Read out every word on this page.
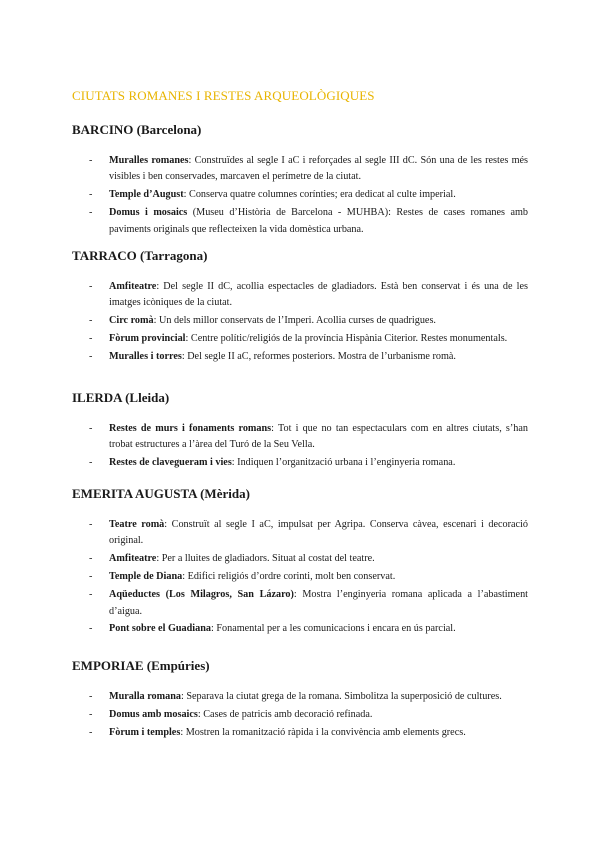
CIUTATS ROMANES I RESTES ARQUEOLÒGIQUES
BARCINO (Barcelona)
- Muralles romanes: Construïdes al segle I aC i reforçades al segle III dC. Són una de les restes més visibles i ben conservades, marcaven el perímetre de la ciutat.
- Temple d’August: Conserva quatre columnes corínties; era dedicat al culte imperial.
- Domus i mosaics (Museu d’Història de Barcelona - MUHBA): Restes de cases romanes amb paviments originals que reflecteixen la vida domèstica urbana.
TARRACO (Tarragona)
- Amfiteatre: Del segle II dC, acollia espectacles de gladiadors. Està ben conservat i és una de les imatges icòniques de la ciutat.
- Circ romà: Un dels millor conservats de l’Imperi. Acollia curses de quadrigues.
- Fòrum provincial: Centre polític/religiós de la província Hispània Citerior. Restes monumentals.
- Muralles i torres: Del segle II aC, reformes posteriors. Mostra de l’urbanisme romà.
ILERDA (Lleida)
- Restes de murs i fonaments romans: Tot i que no tan espectaculars com en altres ciutats, s’han trobat estructures a l’àrea del Turó de la Seu Vella.
- Restes de clavegueram i vies: Indiquen l’organització urbana i l’enginyeria romana.
EMERITA AUGUSTA (Mèrida)
- Teatre romà: Construït al segle I aC, impulsat per Agripa. Conserva càvea, escenari i decoració original.
- Amfiteatre: Per a lluites de gladiadors. Situat al costat del teatre.
- Temple de Diana: Edifici religiós d’ordre corinti, molt ben conservat.
- Aqüeductes (Los Milagros, San Lázaro): Mostra l’enginyeria romana aplicada a l’abastiment d’aigua.
- Pont sobre el Guadiana: Fonamental per a les comunicacions i encara en ús parcial.
EMPORIAE (Empúries)
- Muralla romana: Separava la ciutat grega de la romana. Simbolitza la superposició de cultures.
- Domus amb mosaics: Cases de patricis amb decoració refinada.
- Fòrum i temples: Mostren la romanització ràpida i la convivència amb elements grecs.
